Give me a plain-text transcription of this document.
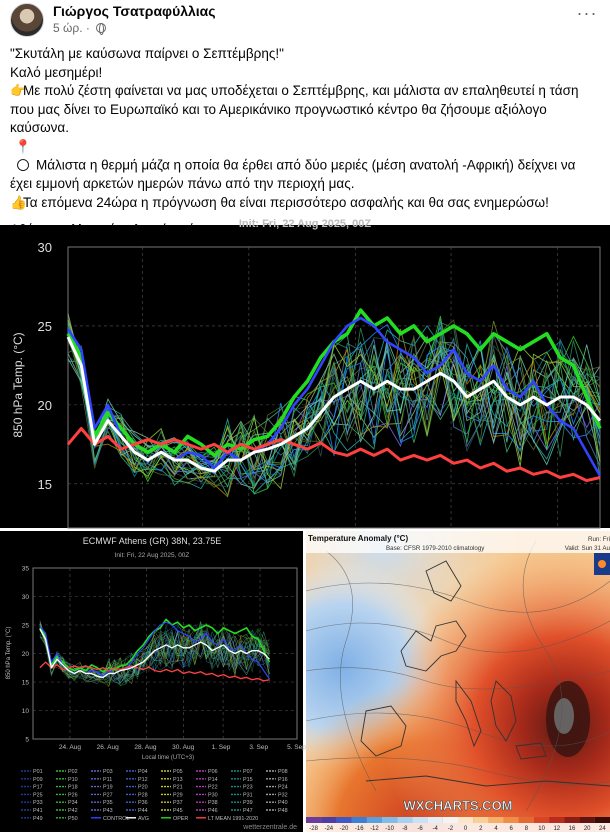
Γιώργος Τσατραφύλλιας
5 ώρ. ·
···

"Σκυτάλη με καύσωνα παίρνει ο Σεπτέμβρης!"

Καλό μεσημέρι!

👉Με πολύ ζέστη φαίνεται να μας υποδέχεται ο Σεπτέμβρης, και μάλιστα αν επαληθευτεί η τάση που μας δίνει το Ευρωπαϊκό και το Αμερικάνικο προγνωστικό κέντρο θα ζήσουμε αξιόλογο καύσωνα.

📍🌕 Μάλιστα η θερμή μάζα η οποία θα έρθει από δύο μεριές (μέση ανατολή -Αφρική) δείχνει να έχει εμμονή αρκετών ημερών πάνω από την περιοχή μας.

👍Τα επόμενα 24ώρα η πρόγνωση θα είναι περισσότερο ασφαλής και θα σας ενημερώσω!

Init: Fri, 22 Aug 2025, 00Z
30
25
20
15
850 hPa Temp. (°C)
ECMWF Athens (GR) 38N, 23.75E
Init: Fri, 22 Aug 2025, 00Z
35
30
25
20
15
10
5
24. Aug 26. Aug 28. Aug 30. Aug	1. Sep	3. Sep	5. Sep
850 hPa Temp. (°C)
Local time (UTC+3)
P01	P02	P03	P04	P05	P06	P07	P08
P09	P10	P11	P12	P13	P14	P15	P16
P17	P18	P19	P20	P21	P22	P23	P24
P25	P26	P27	P28	P29	P30	P31	P32
P33	P34	P35	P36	P37	P38	P39	P40
P41	P42	P43	P44	P45	P46	P47	P48
P49	P50	CONTROL AVG	OPER	LT MEAN 1991-2020
wetterzentrale.de
Temperature Anomaly (°C)
Base: CFSR 1979-2010 climatology
Run: Fri
Valid: Sun 31 Au
WXCHARTS.COM
-28 -24 -20 -16 -12 -10 -8 -6 -4 -2 0 2 4 6 8 10 12 16 20 24
